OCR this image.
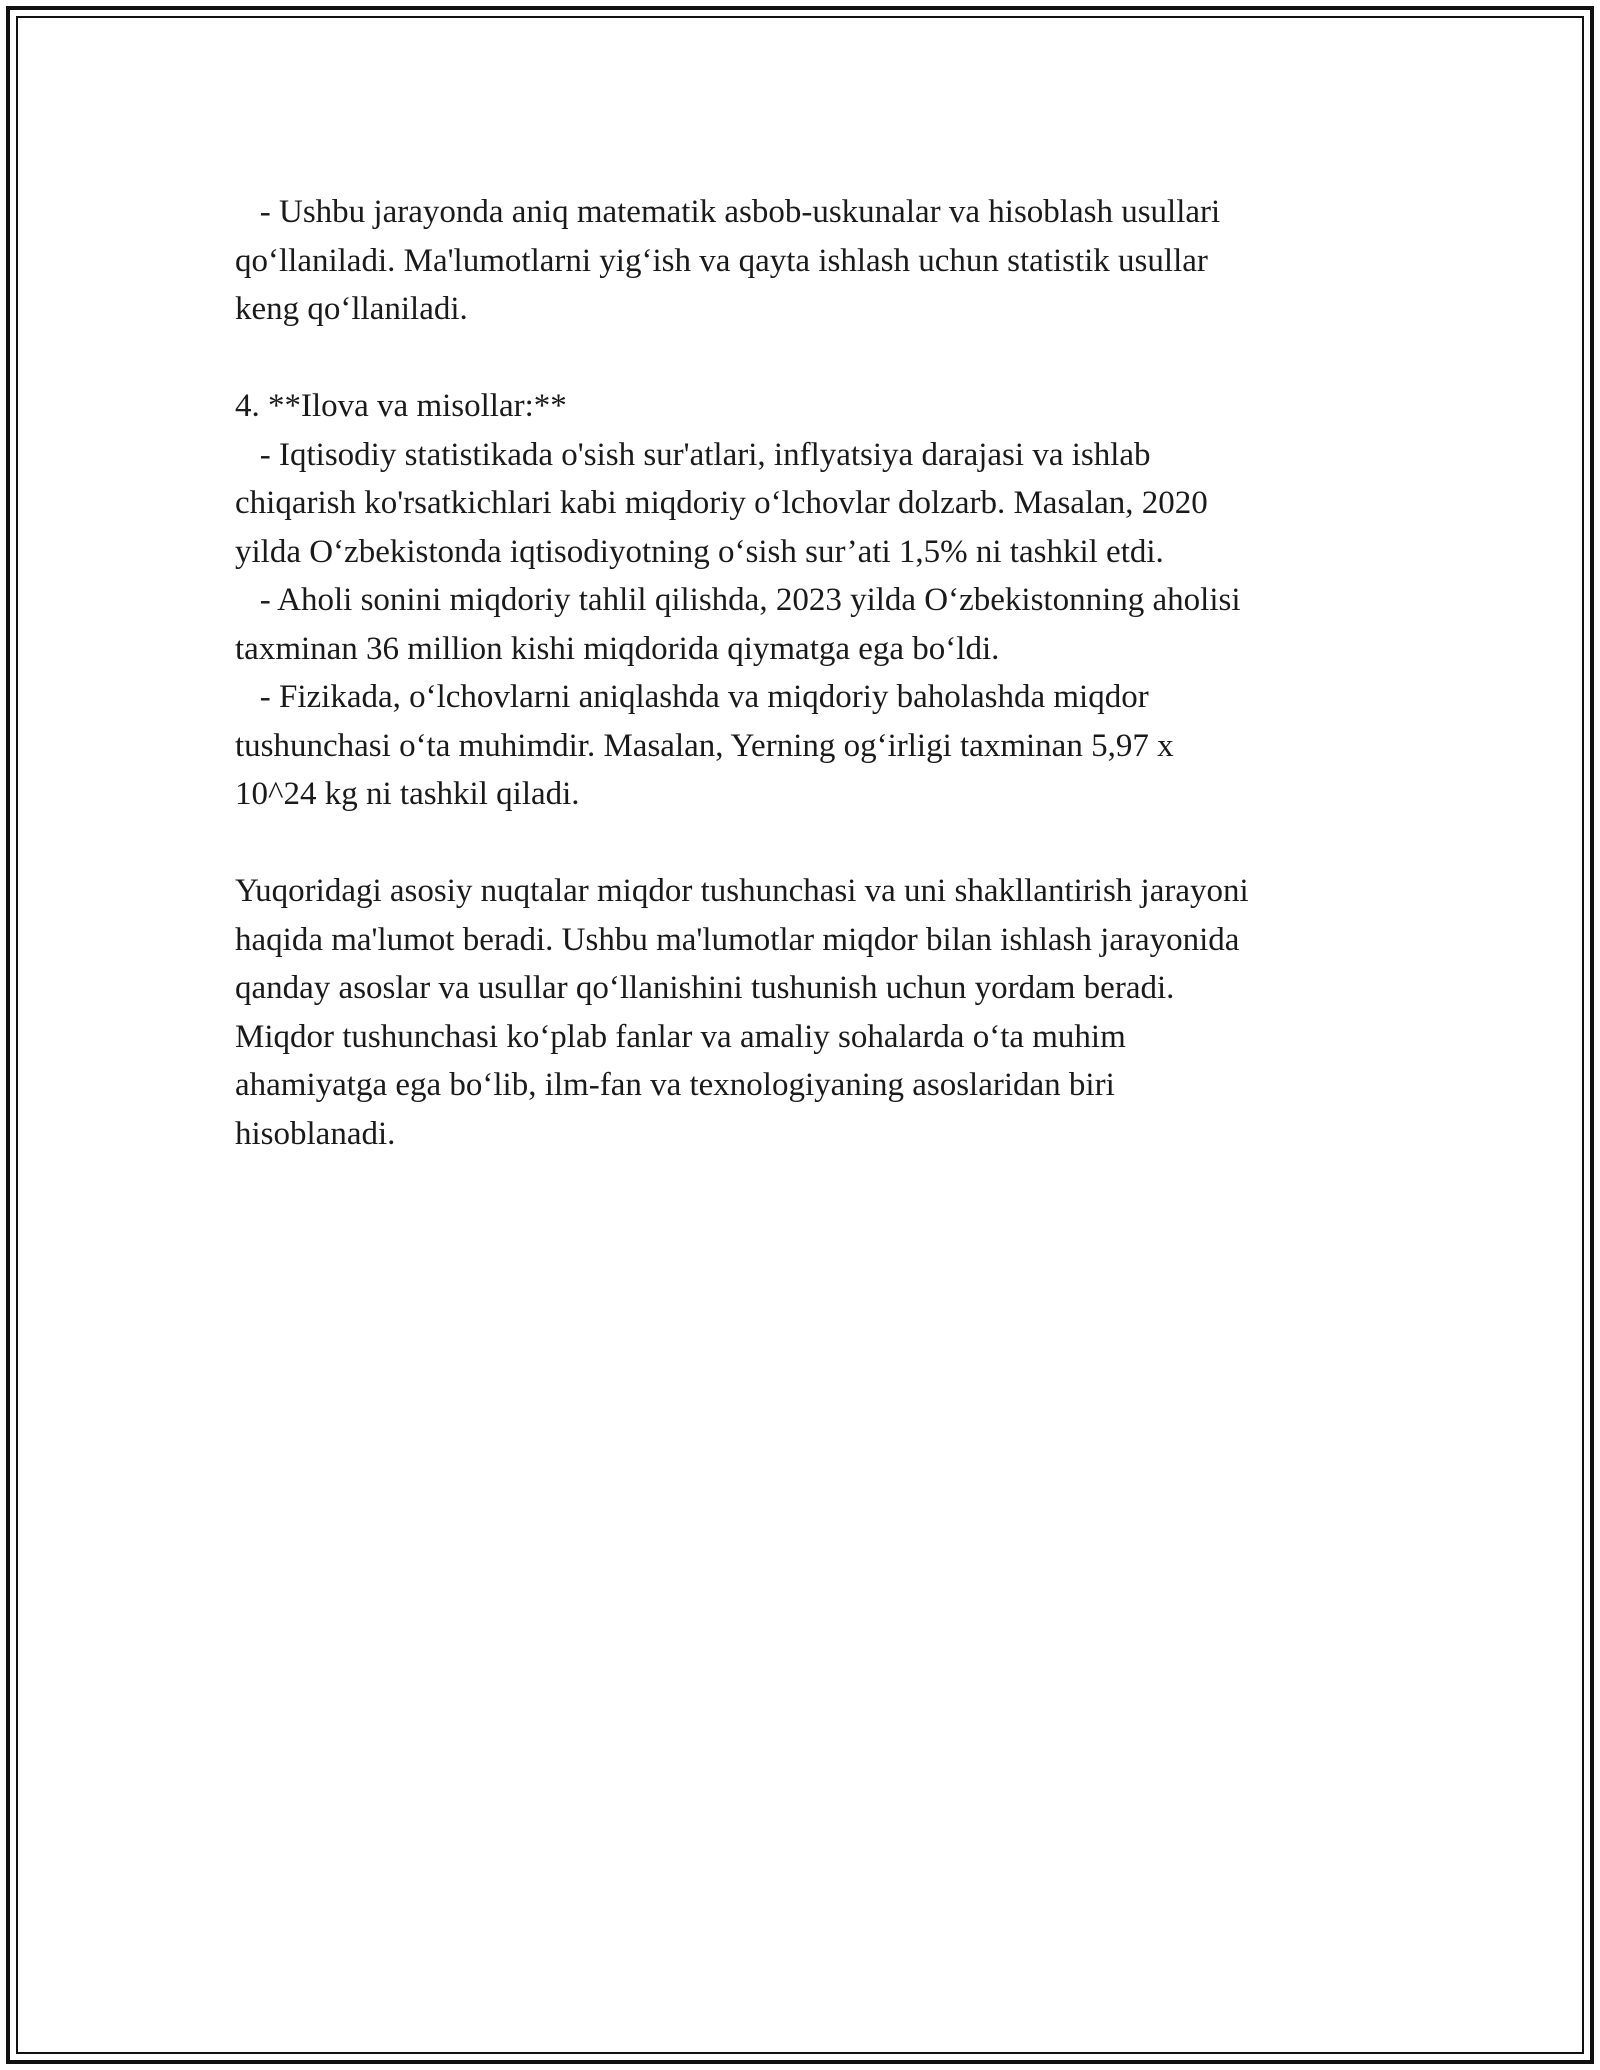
- Ushbu jarayonda aniq matematik asbob-uskunalar va hisoblash usullari
qo‘llaniladi. Ma'lumotlarni yig‘ish va qayta ishlash uchun statistik usullar
keng qo‘llaniladi.
4. **Ilova va misollar:**
- Iqtisodiy statistikada o'sish sur'atlari, inflyatsiya darajasi va ishlab
chiqarish ko'rsatkichlari kabi miqdoriy o‘lchovlar dolzarb. Masalan, 2020
yilda O‘zbekistonda iqtisodiyotning o‘sish sur’ati 1,5% ni tashkil etdi.
- Aholi sonini miqdoriy tahlil qilishda, 2023 yilda O‘zbekistonning aholisi
taxminan 36 million kishi miqdorida qiymatga ega bo‘ldi.
- Fizikada, o‘lchovlarni aniqlashda va miqdoriy baholashda miqdor
tushunchasi o‘ta muhimdir. Masalan, Yerning og‘irligi taxminan 5,97 x
10^24 kg ni tashkil qiladi.
Yuqoridagi asosiy nuqtalar miqdor tushunchasi va uni shakllantirish jarayoni
haqida ma'lumot beradi. Ushbu ma'lumotlar miqdor bilan ishlash jarayonida
qanday asoslar va usullar qo‘llanishini tushunish uchun yordam beradi.
Miqdor tushunchasi ko‘plab fanlar va amaliy sohalarda o‘ta muhim
ahamiyatga ega bo‘lib, ilm-fan va texnologiyaning asoslaridan biri
hisoblanadi.
